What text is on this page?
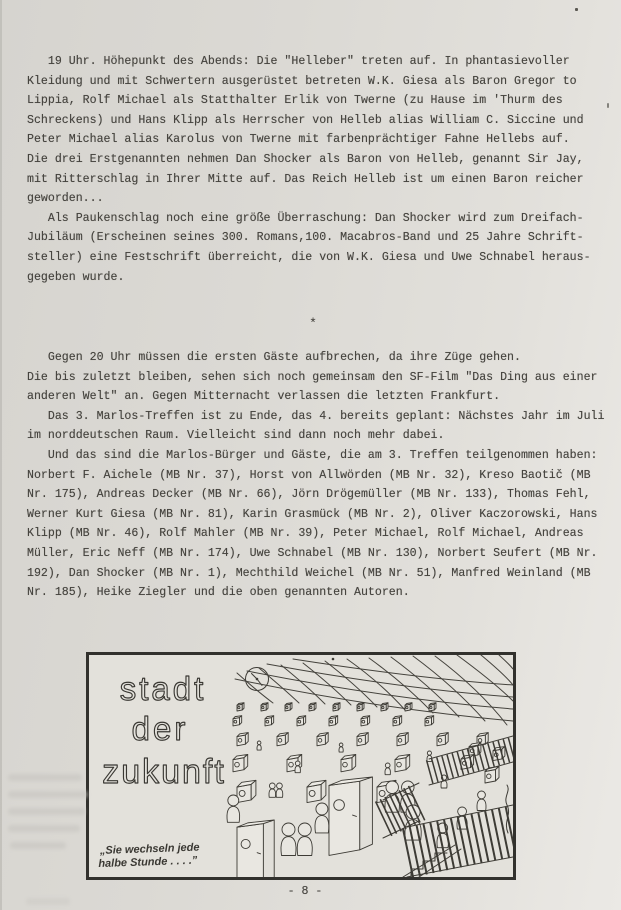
19 Uhr. Höhepunkt des Abends: Die "Helleber" treten auf. In phantasievoller
Kleidung und mit Schwertern ausgerüstet betreten W.K. Giesa als Baron Gregor to
Lippia, Rolf Michael als Statthalter Erlik von Twerne (zu Hause im 'Thurm des
Schreckens) und Hans Klipp als Herrscher von Helleb alias William C. Siccine und
Peter Michael alias Karolus von Twerne mit farbenprächtiger Fahne Hellebs auf.
Die drei Erstgenannten nehmen Dan Shocker als Baron von Helleb, genannt Sir Jay,
mit Ritterschlag in Ihrer Mitte auf. Das Reich Helleb ist um einen Baron reicher
geworden...
Als Paukenschlag noch eine größe Überraschung: Dan Shocker wird zum Dreifach-
Jubiläum (Erscheinen seines 300. Romans,100. Macabros-Band und 25 Jahre Schrift-
steller) eine Festschrift überreicht, die von W.K. Giesa und Uwe Schnabel heraus-
gegeben wurde.
*
Gegen 20 Uhr müssen die ersten Gäste aufbrechen, da ihre Züge gehen.
Die bis zuletzt bleiben, sehen sich noch gemeinsam den SF-Film "Das Ding aus einer
anderen Welt" an. Gegen Mitternacht verlassen die letzten Frankfurt.
Das 3. Marlos-Treffen ist zu Ende, das 4. bereits geplant: Nächstes Jahr im Juli
im norddeutschen Raum. Vielleicht sind dann noch mehr dabei.
Und das sind die Marlos-Bürger und Gäste, die am 3. Treffen teilgenommen haben:
Norbert F. Aichele (MB Nr. 37), Horst von Allwörden (MB Nr. 32), Kreso Baotič (MB
Nr. 175), Andreas Decker (MB Nr. 66), Jörn Drögemüller (MB Nr. 133), Thomas Fehl,
Werner Kurt Giesa (MB Nr. 81), Karin Grasmück (MB Nr. 2), Oliver Kaczorowski, Hans
Klipp (MB Nr. 46), Rolf Mahler (MB Nr. 39), Peter Michael, Rolf Michael, Andreas
Müller, Eric Neff (MB Nr. 174), Uwe Schnabel (MB Nr. 130), Norbert Seufert (MB Nr.
192), Dan Shocker (MB Nr. 1), Mechthild Weichel (MB Nr. 51), Manfred Weinland (MB
Nr. 185), Heike Ziegler und die oben genannten Autoren.
stadt
der
zukunft
„Sie wechseln jede
halbe Stunde . . . .”
- 8 -
